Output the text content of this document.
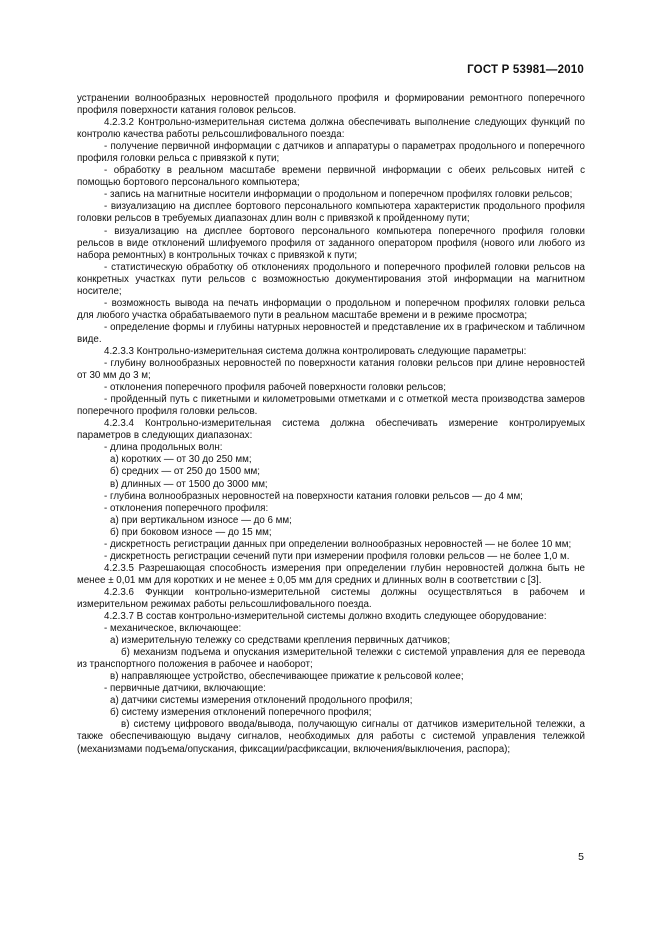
ГОСТ Р 53981—2010

устранении волнообразных неровностей продольного профиля и формировании ремонтного поперечного профиля поверхности катания головок рельсов.

4.2.3.2 Контрольно-измерительная система должна обеспечивать выполнение следующих функций по контролю качества работы рельсошлифовального поезда:

- получение первичной информации с датчиков и аппаратуры о параметрах продольного и поперечного профиля головки рельса с привязкой к пути;

- обработку в реальном масштабе времени первичной информации с обеих рельсовых нитей с помощью бортового персонального компьютера;

- запись на магнитные носители информации о продольном и поперечном профилях головки рельсов;

- визуализацию на дисплее бортового персонального компьютера характеристик продольного профиля головки рельсов в требуемых диапазонах длин волн с привязкой к пройденному пути;

- визуализацию на дисплее бортового персонального компьютера поперечного профиля головки рельсов в виде отклонений шлифуемого профиля от заданного оператором профиля (нового или любого из набора ремонтных) в контрольных точках с привязкой к пути;

- статистическую обработку об отклонениях продольного и поперечного профилей головки рельсов на конкретных участках пути рельсов с возможностью документирования этой информации на магнитном носителе;

- возможность вывода на печать информации о продольном и поперечном профилях головки рельса для любого участка обрабатываемого пути в реальном масштабе времени и в режиме просмотра;

- определение формы и глубины натурных неровностей и представление их в графическом и табличном виде.

4.2.3.3 Контрольно-измерительная система должна контролировать следующие параметры:

- глубину волнообразных неровностей по поверхности катания головки рельсов при длине неровностей от 30 мм до 3 м;

- отклонения поперечного профиля рабочей поверхности головки рельсов;

- пройденный путь с пикетными и километровыми отметками и с отметкой места производства замеров поперечного профиля головки рельсов.

4.2.3.4 Контрольно-измерительная система должна обеспечивать измерение контролируемых параметров в следующих диапазонах:

- длина продольных волн:

а) коротких — от 30 до 250 мм;

б) средних — от 250 до 1500 мм;

в) длинных — от 1500 до 3000 мм;

- глубина волнообразных неровностей на поверхности катания головки рельсов — до 4 мм;

- отклонения поперечного профиля:

а) при вертикальном износе — до 6 мм;

б) при боковом износе — до 15 мм;

- дискретность регистрации данных при определении волнообразных неровностей — не более 10 мм;

- дискретность регистрации сечений пути при измерении профиля головки рельсов — не более 1,0 м.

4.2.3.5 Разрешающая способность измерения при определении глубин неровностей должна быть не менее ± 0,01 мм для коротких и не менее ± 0,05 мм для средних и длинных волн в соответствии с [3].

4.2.3.6 Функции контрольно-измерительной системы должны осуществляться в рабочем и измерительном режимах работы рельсошлифовального поезда.

4.2.3.7 В состав контрольно-измерительной системы должно входить следующее оборудование:

- механическое, включающее:

а) измерительную тележку со средствами крепления первичных датчиков;

б) механизм подъема и опускания измерительной тележки с системой управления для ее перевода из транспортного положения в рабочее и наоборот;

в) направляющее устройство, обеспечивающее прижатие к рельсовой колее;

- первичные датчики, включающие:

а) датчики системы измерения отклонений продольного профиля;

б) систему измерения отклонений поперечного профиля;

в) систему цифрового ввода/вывода, получающую сигналы от датчиков измерительной тележки, а также обеспечивающую выдачу сигналов, необходимых для работы с системой управления тележкой (механизмами подъема/опускания, фиксации/расфиксации, включения/выключения, распора);

5
